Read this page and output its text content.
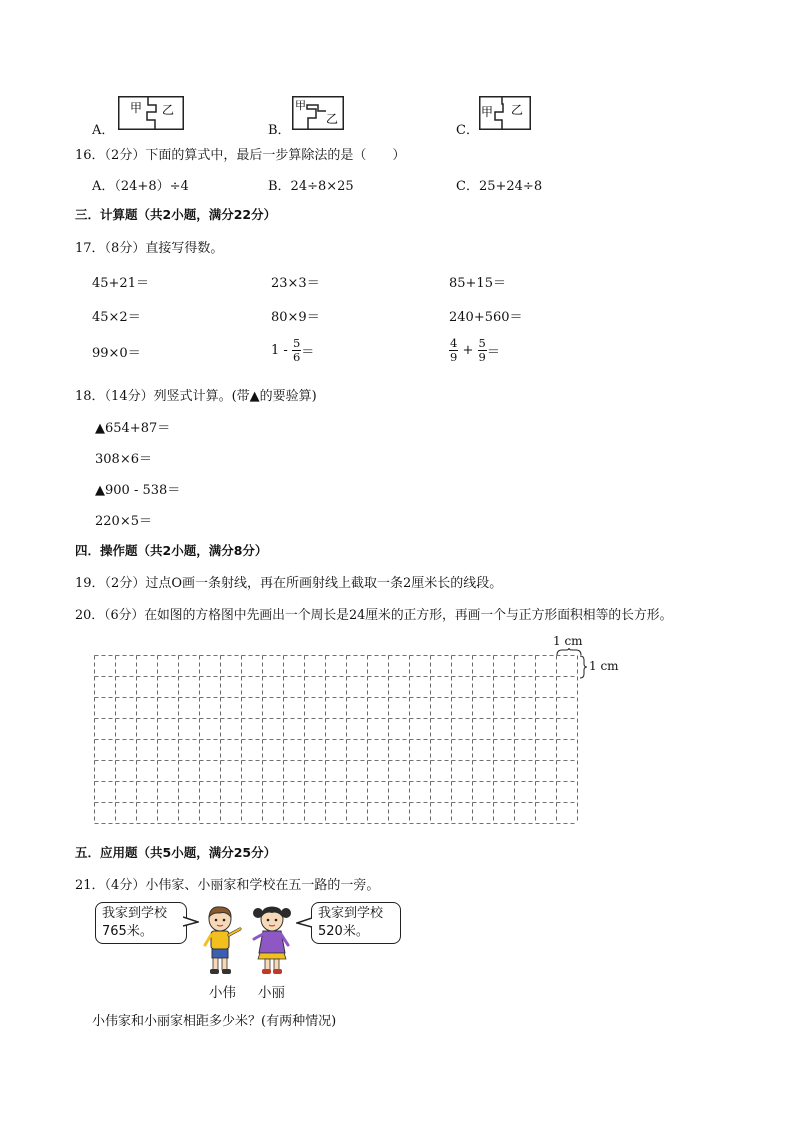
A．
甲 乙
B．
甲
乙
C．
甲 乙
16．（2分）下面的算式中，最后一步算除法的是（　　）
A．（24+8）÷4	B．24÷8×25	C．25+24÷8
三．计算题（共2小题，满分22分）
17．（8分）直接写得数。
45+21＝	23×3＝	85+15＝
45×2＝	80×9＝	240+560＝
99×0＝	$1 - \frac{5}{6}$ ＝	$\frac{4}{9} + \frac{5}{9}$ ＝
18．（14分）列竖式计算。(带▲的要验算)
▲654+87＝
308×6＝
▲900 - 538＝
220×5＝
四．操作题（共2小题，满分8分）
19．（2分）过点O画一条射线，再在所画射线上截取一条2厘米长的线段。
20．（6分）在如图的方格图中先画出一个周长是24厘米的正方形，再画一个与正方形面积相等的长方形。
1 cm
1 cm
五．应用题（共5小题，满分25分）
21．（4分）小伟家、小丽家和学校在五一路的一旁。
我家到学校
765米。
我家到学校
520米。
小伟 小丽
小伟家和小丽家相距多少米？(有两种情况)
